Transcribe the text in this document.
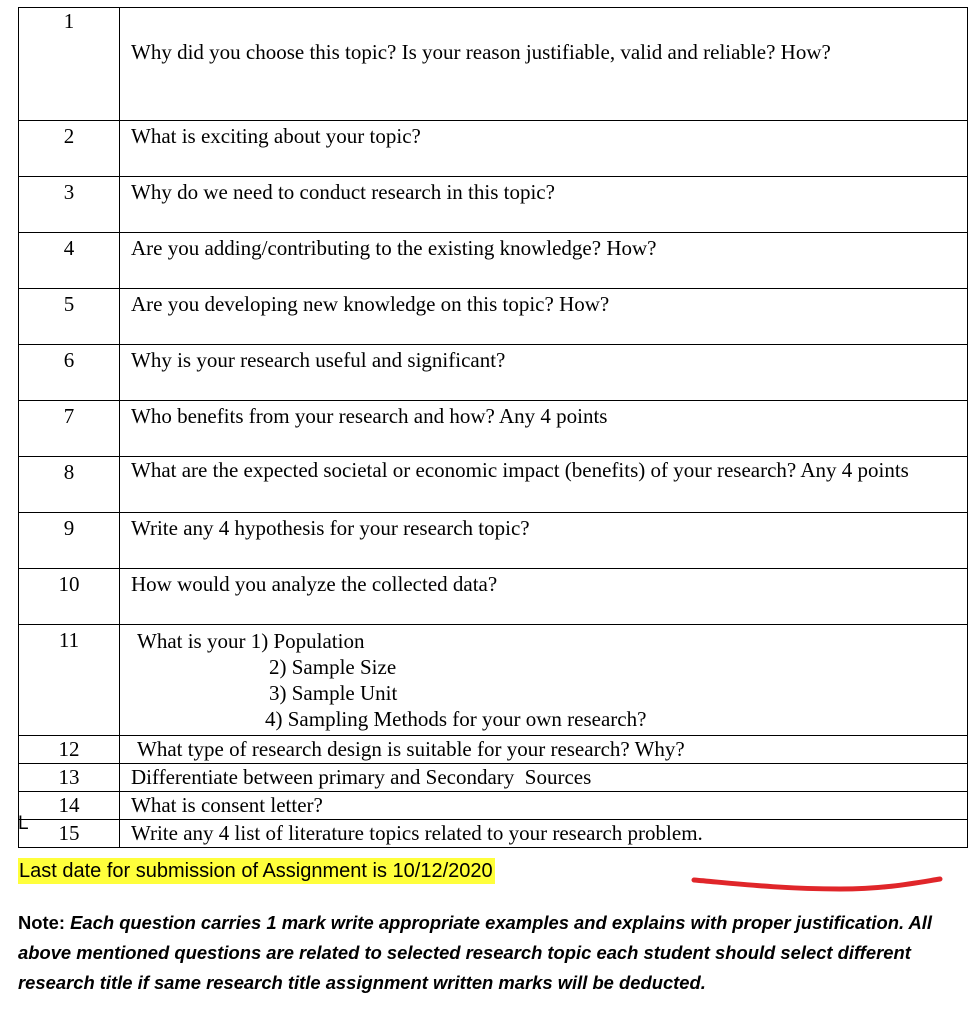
1	Why did you choose this topic? Is your reason justifiable, valid and reliable? How?
2	What is exciting about your topic?
3	Why do we need to conduct research in this topic?
4	Are you adding/contributing to the existing knowledge? How?
5	Are you developing new knowledge on this topic? How?
6	Why is your research useful and significant?
7	Who benefits from your research and how? Any 4 points
8	What are the expected societal or economic impact (benefits) of your research? Any 4 points
9	Write any 4 hypothesis for your research topic?
10	How would you analyze the collected data?
11	What is your 1) Population
2) Sample Size
3) Sample Unit
4) Sampling Methods for your own research?

12	What type of research design is suitable for your research? Why?
13	Differentiate between primary and Secondary  Sources
14	What is consent letter?
15	Write any 4 list of literature topics related to your research problem.
L
Last date for submission of Assignment is 10/12/2020
Note: Each question carries 1 mark write appropriate examples and explains with proper justification. All above mentioned questions are related to selected research topic each student should select different research title if same research title assignment written marks will be deducted.
